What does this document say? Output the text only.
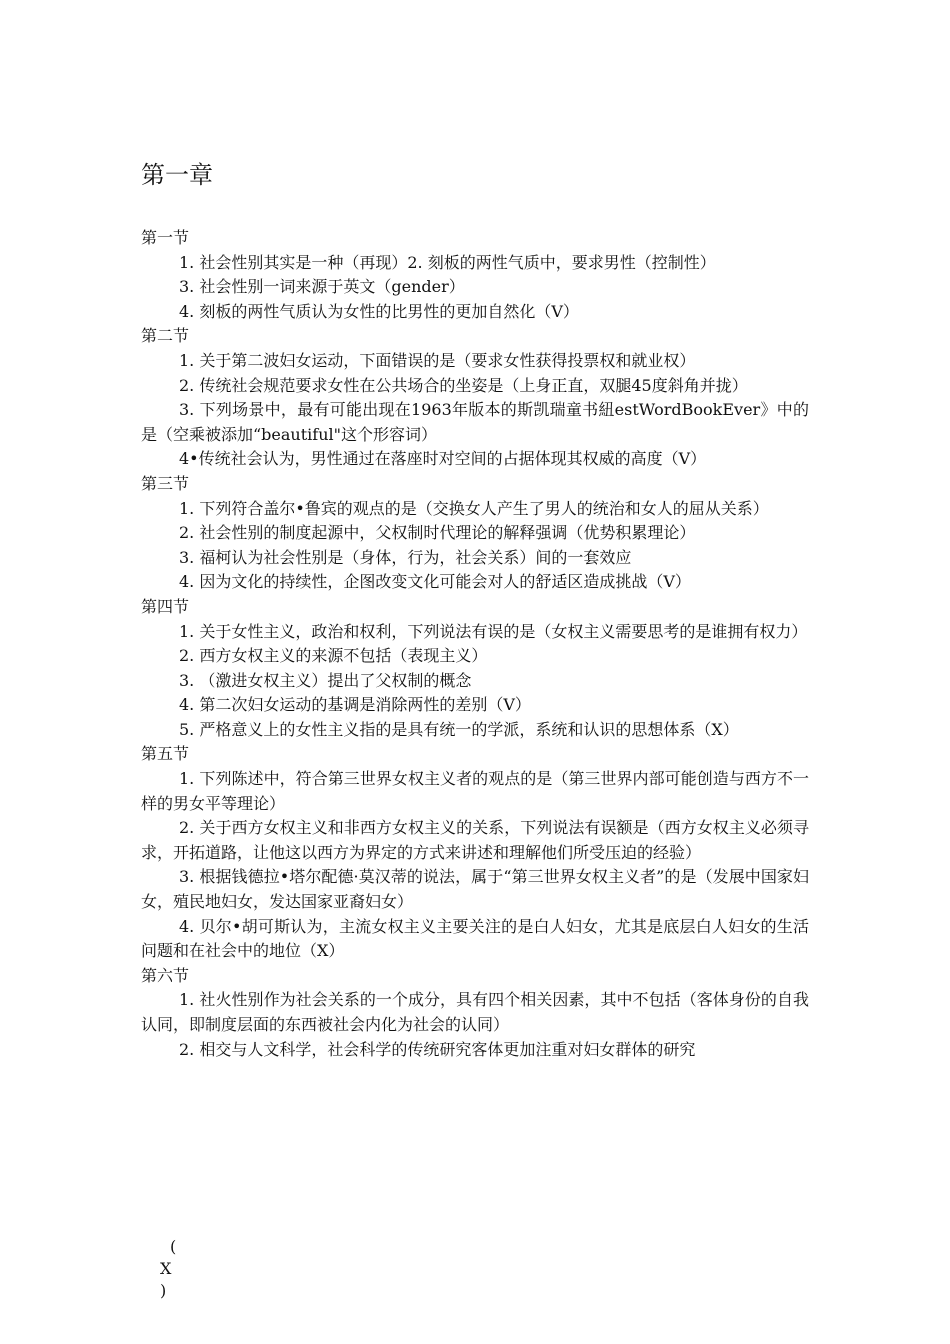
第一章

第一节

1. 社会性别其实是一种（再现）2. 刻板的两性气质中，要求男性（控制性）

3. 社会性别一词来源于英文（gender）

4. 刻板的两性气质认为女性的比男性的更加自然化（V）

第二节

1. 关于第二波妇女运动，下面错误的是（要求女性获得投票权和就业权）

2. 传统社会规范要求女性在公共场合的坐姿是（上身正直，双腿45度斜角并拢）

3. 下列场景中，最有可能出现在1963年版本的斯凯瑞童书紐estWordBookEver》中的是（空乘被添加“beautiful"这个形容词）

4•传统社会认为，男性通过在落座时对空间的占据体现其权威的高度（V）

第三节

1. 下列符合盖尔•鲁宾的观点的是（交换女人产生了男人的统治和女人的屈从关系）

2. 社会性别的制度起源中，父权制时代理论的解释强调（优势积累理论）

3. 福柯认为社会性别是（身体，行为，社会关系）间的一套效应

4. 因为文化的持续性，企图改变文化可能会对人的舒适区造成挑战（V）

第四节

1. 关于女性主义，政治和权利，下列说法有误的是（女权主义需要思考的是谁拥有权力）

2. 西方女权主义的来源不包括（表现主义）

3. （激进女权主义）提出了父权制的概念

4. 第二次妇女运动的基调是消除两性的差别（V）

5. 严格意义上的女性主义指的是具有统一的学派，系统和认识的思想体系（X）

第五节

1. 下列陈述中，符合第三世界女权主义者的观点的是（第三世界内部可能创造与西方不一样的男女平等理论）

2. 关于西方女权主义和非西方女权主义的关系，下列说法有误额是（西方女权主义必须寻求，开拓道路，让他这以西方为界定的方式来讲述和理解他们所受压迫的经验）

3. 根据钱德拉•塔尔配德·莫汉蒂的说法，属于“第三世界女权主义者”的是（发展中国家妇女，殖民地妇女，发达国家亚裔妇女）

4. 贝尔•胡可斯认为，主流女权主义主要关注的是白人妇女，尤其是底层白人妇女的生活问题和在社会中的地位（X）

第六节

1. 社火性别作为社会关系的一个成分，具有四个相关因素，其中不包括（客体身份的自我认同，即制度层面的东西被社会内化为社会的认同）

2. 相交与人文科学，社会科学的传统研究客体更加注重对妇女群体的研究

(
X
)
